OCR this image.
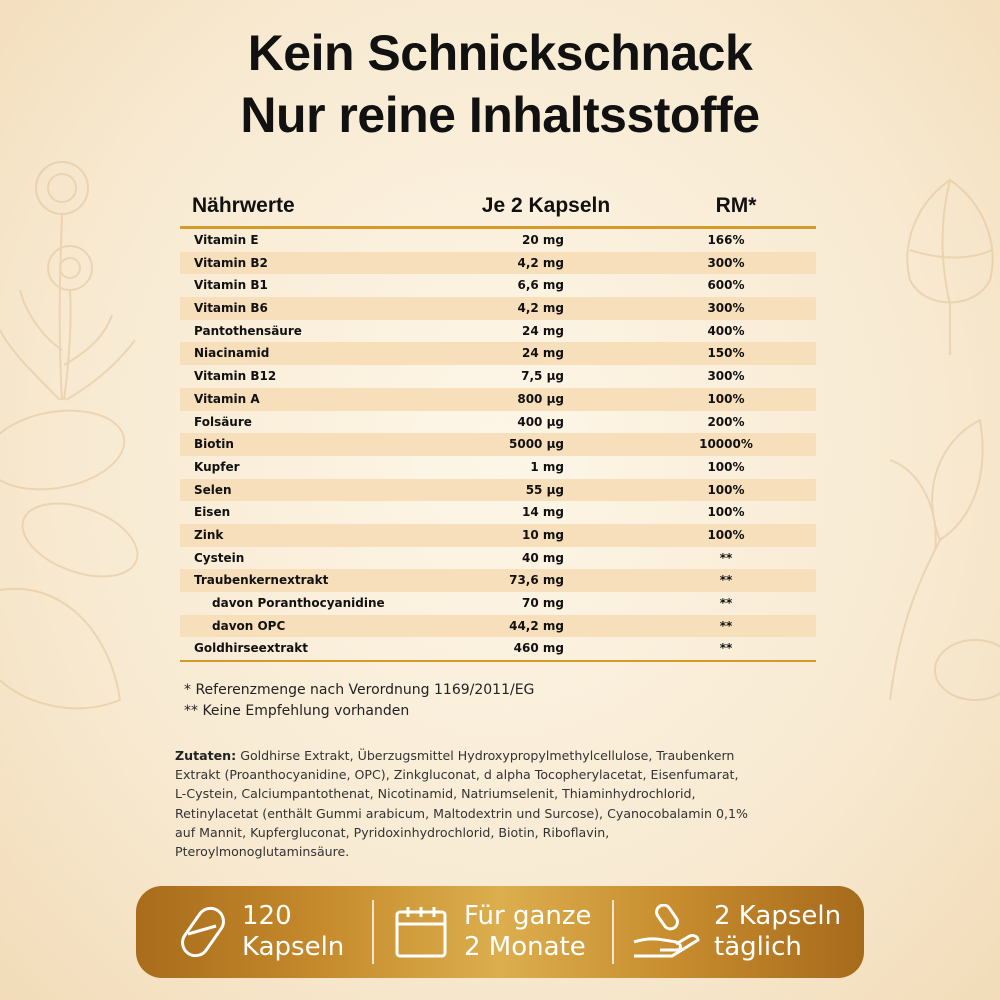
Kein Schnickschnack
Nur reine Inhaltsstoffe
Nährwerte	Je 2 Kapseln	RM*
Vitamin E	20 mg	166%
Vitamin B2	4,2 mg	300%
Vitamin B1	6,6 mg	600%
Vitamin B6	4,2 mg	300%
Pantothensäure	24 mg	400%
Niacinamid	24 mg	150%
Vitamin B12	7,5 µg	300%
Vitamin A	800 µg	100%
Folsäure	400 µg	200%
Biotin	5000 µg	10000%
Kupfer	1 mg	100%
Selen	55 µg	100%
Eisen	14 mg	100%
Zink	10 mg	100%
Cystein	40 mg	**
Traubenkernextrakt	73,6 mg	**
davon Poranthocyanidine	70 mg	**
davon OPC	44,2 mg	**
Goldhirseextrakt	460 mg	**
* Referenzmenge nach Verordnung 1169/2011/EG
** Keine Empfehlung vorhanden
Zutaten: Goldhirse Extrakt, Überzugsmittel Hydroxypropylmethylcellulose, Traubenkern
Extrakt (Proanthocyanidine, OPC), Zinkgluconat, d alpha Tocopherylacetat, Eisenfumarat,
L-Cystein, Calciumpantothenat, Nicotinamid, Natriumselenit, Thiaminhydrochlorid,
Retinylacetat (enthält Gummi arabicum, Maltodextrin und Surcose), Cyanocobalamin 0,1%
auf Mannit, Kupfergluconat, Pyridoxinhydrochlorid, Biotin, Riboflavin,
Pteroylmonoglutaminsäure.
120
Kapseln
Für ganze
2 Monate
2 Kapseln
täglich
